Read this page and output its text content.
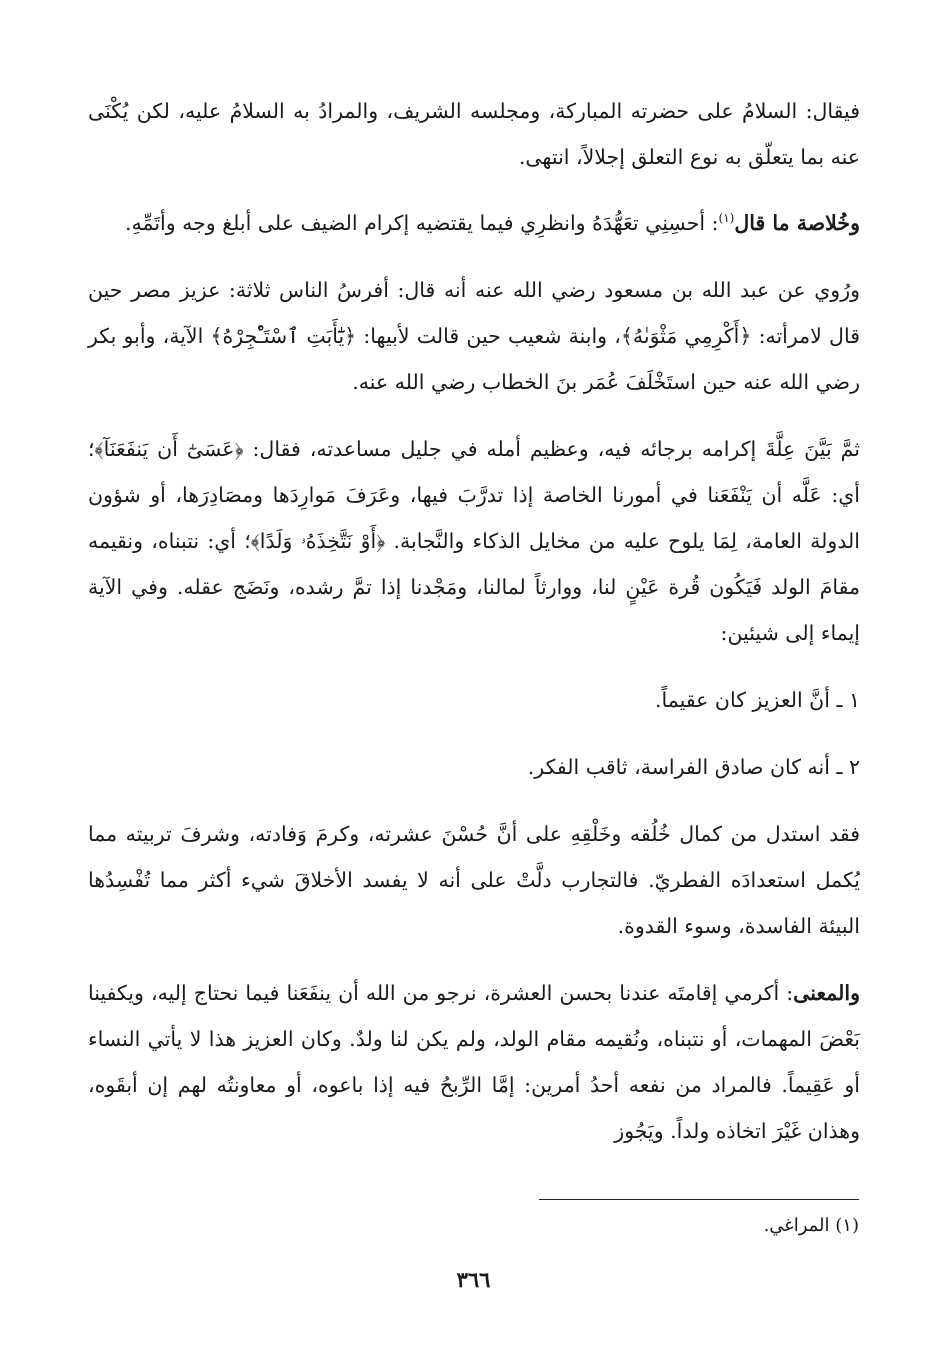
فيقال: السلامُ على حضرته المباركة، ومجلسه الشريف، والمرادُ به السلامُ عليه، لكن يُكْنَى عنه بما يتعلّق به نوع التعلق إجلالاً، انتهى.

وخُلاصة ما قال$^{(١)}$: أحسِنِي تعَهُّدَهُ وانظرِي فيما يقتضيه إكرام الضيف على أبلغ وجه وأتَمِّهِ.

ورُوي عن عبد الله بن مسعود رضي الله عنه أنه قال: أفرسُ الناس ثلاثة: عزيز مصر حين قال لامرأته: ﴿أَكْرِمِي مَثْوَىٰهُ﴾، وابنة شعيب حين قالت لأبيها: ﴿يَٰٓأَبَتِ ٱسْتَـْٔجِرْهُ﴾ الآية، وأبو بكر رضي الله عنه حين استَخْلَفَ عُمَر بنَ الخطاب رضي الله عنه.

ثمَّ بَيَّنَ عِلَّةَ إكرامه برجائه فيه، وعظيم أمله في جليل مساعدته، فقال: ﴿عَسَىٰٓ أَن يَنفَعَنَآ﴾؛ أي: عَلَّه أن يَنْفَعَنا في أمورنا الخاصة إذا تدرَّبَ فيها، وعَرَفَ مَوارِدَها ومصَادِرَها، أو شؤون الدولة العامة، لِمَا يلوح عليه من مخايل الذكاء والنَّجابة. ﴿أَوْ نَتَّخِذَهُۥ وَلَدًا﴾؛ أي: نتبناه، ونقيمه مقامَ الولد فَيَكُون قُرة عَيْنٍ لنا، ووارثاً لمالنا، ومَجْدنا إذا تمَّ رشده، ونَضَج عقله. وفي الآية إيماء إلى شيئين:

١ ـ أنَّ العزيز كان عقيماً.

٢ ـ أنه كان صادق الفراسة، ثاقب الفكر.

فقد استدل من كمال خُلُقه وخَلْقِهِ على أنَّ حُسْنَ عشرته، وكرمَ وَفادته، وشرفَ تربيته مما يُكمل استعدادَه الفطريّ. فالتجارب دلَّتْ على أنه لا يفسد الأخلاقَ شيء أكثر مما تُفْسِدُها البيئة الفاسدة، وسوء القدوة.

والمعنى: أكرمي إقامتَه عندنا بحسن العشرة، نرجو من الله أن ينفَعَنا فيما نحتاج إليه، ويكفينا بَعْضَ المهمات، أو نتبناه، ونُقيمه مقام الولد، ولم يكن لنا ولدٌ. وكان العزيز هذا لا يأتي النساء أو عَقِيماً. فالمراد من نفعه أحدُ أمرين: إمَّا الرِّبحُ فيه إذا باعوه، أو معاونتُه لهم إن أبقَوه، وهذان غَيْرَ اتخاذه ولداً. ويَجُوز

(١) المراغي.
٣٦٦
